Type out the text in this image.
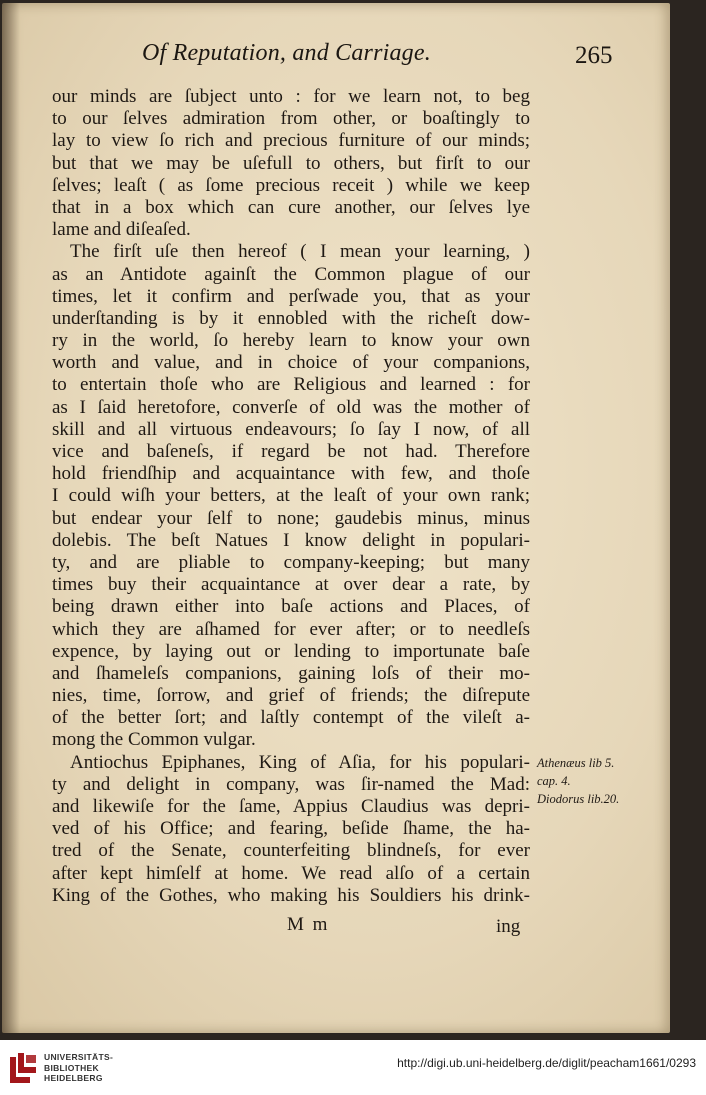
Of Reputation, and Carriage.	265
our minds are ſubject unto : for we learn not, to beg
to our ſelves admiration from other, or boaſtingly to
lay to view ſo rich and precious furniture of our minds;
but that we may be uſefull to others, but firſt to our
ſelves; leaſt ( as ſome precious receit ) while we keep
that in a box which can cure another, our ſelves lye
lame and diſeaſed.
The firſt uſe then hereof ( I mean your learning, )
as an Antidote againſt the Common plague of our
times, let it confirm and perſwade you, that as your
underſtanding is by it ennobled with the richeſt dow-
ry in the world, ſo hereby learn to know your own
worth and value, and in choice of your companions,
to entertain thoſe who are Religious and learned : for
as I ſaid heretofore, converſe of old was the mother of
skill and all virtuous endeavours; ſo ſay I now, of all
vice and baſeneſs, if regard be not had. Therefore
hold friendſhip and acquaintance with few, and thoſe
I could wiſh your betters, at the leaſt of your own rank;
but endear your ſelf to none; gaudebis minus, minus
dolebis. The beſt Natues I know delight in populari-
ty, and are pliable to company-keeping; but many
times buy their acquaintance at over dear a rate, by
being drawn either into baſe actions and Places, of
which they are aſhamed for ever after; or to needleſs
expence, by laying out or lending to importunate baſe
and ſhameleſs companions, gaining loſs of their mo-
nies, time, ſorrow, and grief of friends; the diſrepute
of the better ſort; and laſtly contempt of the vileſt a-
mong the Common vulgar.
Antiochus Epiphanes, King of Aſia, for his populari-
ty and delight in company, was ſir-named the Mad:
and likewiſe for the ſame, Appius Claudius was depri-
ved of his Office; and fearing, beſide ſhame, the ha-
tred of the Senate, counterfeiting blindneſs, for ever
after kept himſelf at home. We read alſo of a certain
King of the Gothes, who making his Souldiers his drink-
Athenæus lib 5.
cap. 4.
Diodorus lib.20.
M m	ing
UNIVERSITÄTS-
BIBLIOTHEK
HEIDELBERG
http://digi.ub.uni-heidelberg.de/diglit/peacham1661/0293
